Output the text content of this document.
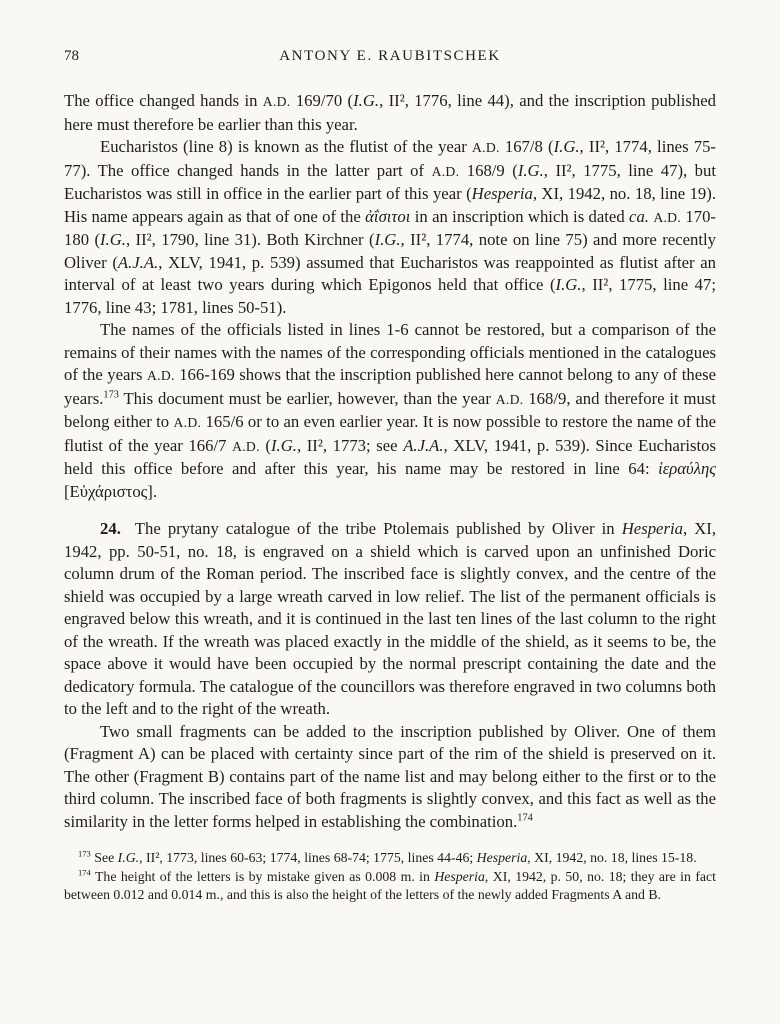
78	ANTONY E. RAUBITSCHEK

The office changed hands in A.D. 169/70 (I.G., II², 1776, line 44), and the inscription published here must therefore be earlier than this year.

Eucharistos (line 8) is known as the flutist of the year A.D. 167/8 (I.G., II², 1774, lines 75-77). The office changed hands in the latter part of A.D. 168/9 (I.G., II², 1775, line 47), but Eucharistos was still in office in the earlier part of this year (Hesperia, XI, 1942, no. 18, line 19). His name appears again as that of one of the ἀΐσιτοι in an inscription which is dated ca. A.D. 170-180 (I.G., II², 1790, line 31). Both Kirchner (I.G., II², 1774, note on line 75) and more recently Oliver (A.J.A., XLV, 1941, p. 539) assumed that Eucharistos was reappointed as flutist after an interval of at least two years during which Epigonos held that office (I.G., II², 1775, line 47; 1776, line 43; 1781, lines 50-51).

The names of the officials listed in lines 1-6 cannot be restored, but a comparison of the remains of their names with the names of the corresponding officials mentioned in the catalogues of the years A.D. 166-169 shows that the inscription published here cannot belong to any of these years.$^{173}$ This document must be earlier, however, than the year A.D. 168/9, and therefore it must belong either to A.D. 165/6 or to an even earlier year. It is now possible to restore the name of the flutist of the year 166/7 A.D. (I.G., II², 1773; see A.J.A., XLV, 1941, p. 539). Since Eucharistos held this office before and after this year, his name may be restored in line 64: ἱεραύλης [Εὐχάριστος].

24.  The prytany catalogue of the tribe Ptolemais published by Oliver in Hesperia, XI, 1942, pp. 50-51, no. 18, is engraved on a shield which is carved upon an unfinished Doric column drum of the Roman period. The inscribed face is slightly convex, and the centre of the shield was occupied by a large wreath carved in low relief. The list of the permanent officials is engraved below this wreath, and it is continued in the last ten lines of the last column to the right of the wreath. If the wreath was placed exactly in the middle of the shield, as it seems to be, the space above it would have been occupied by the normal prescript containing the date and the dedicatory formula. The catalogue of the councillors was therefore engraved in two columns both to the left and to the right of the wreath.

Two small fragments can be added to the inscription published by Oliver. One of them (Fragment A) can be placed with certainty since part of the rim of the shield is preserved on it. The other (Fragment B) contains part of the name list and may belong either to the first or to the third column. The inscribed face of both fragments is slightly convex, and this fact as well as the similarity in the letter forms helped in establishing the combination.$^{174}$

$^{173}$ See I.G., II², 1773, lines 60-63; 1774, lines 68-74; 1775, lines 44-46; Hesperia, XI, 1942, no. 18, lines 15-18.

$^{174}$ The height of the letters is by mistake given as 0.008 m. in Hesperia, XI, 1942, p. 50, no. 18; they are in fact between 0.012 and 0.014 m., and this is also the height of the letters of the newly added Fragments A and B.
